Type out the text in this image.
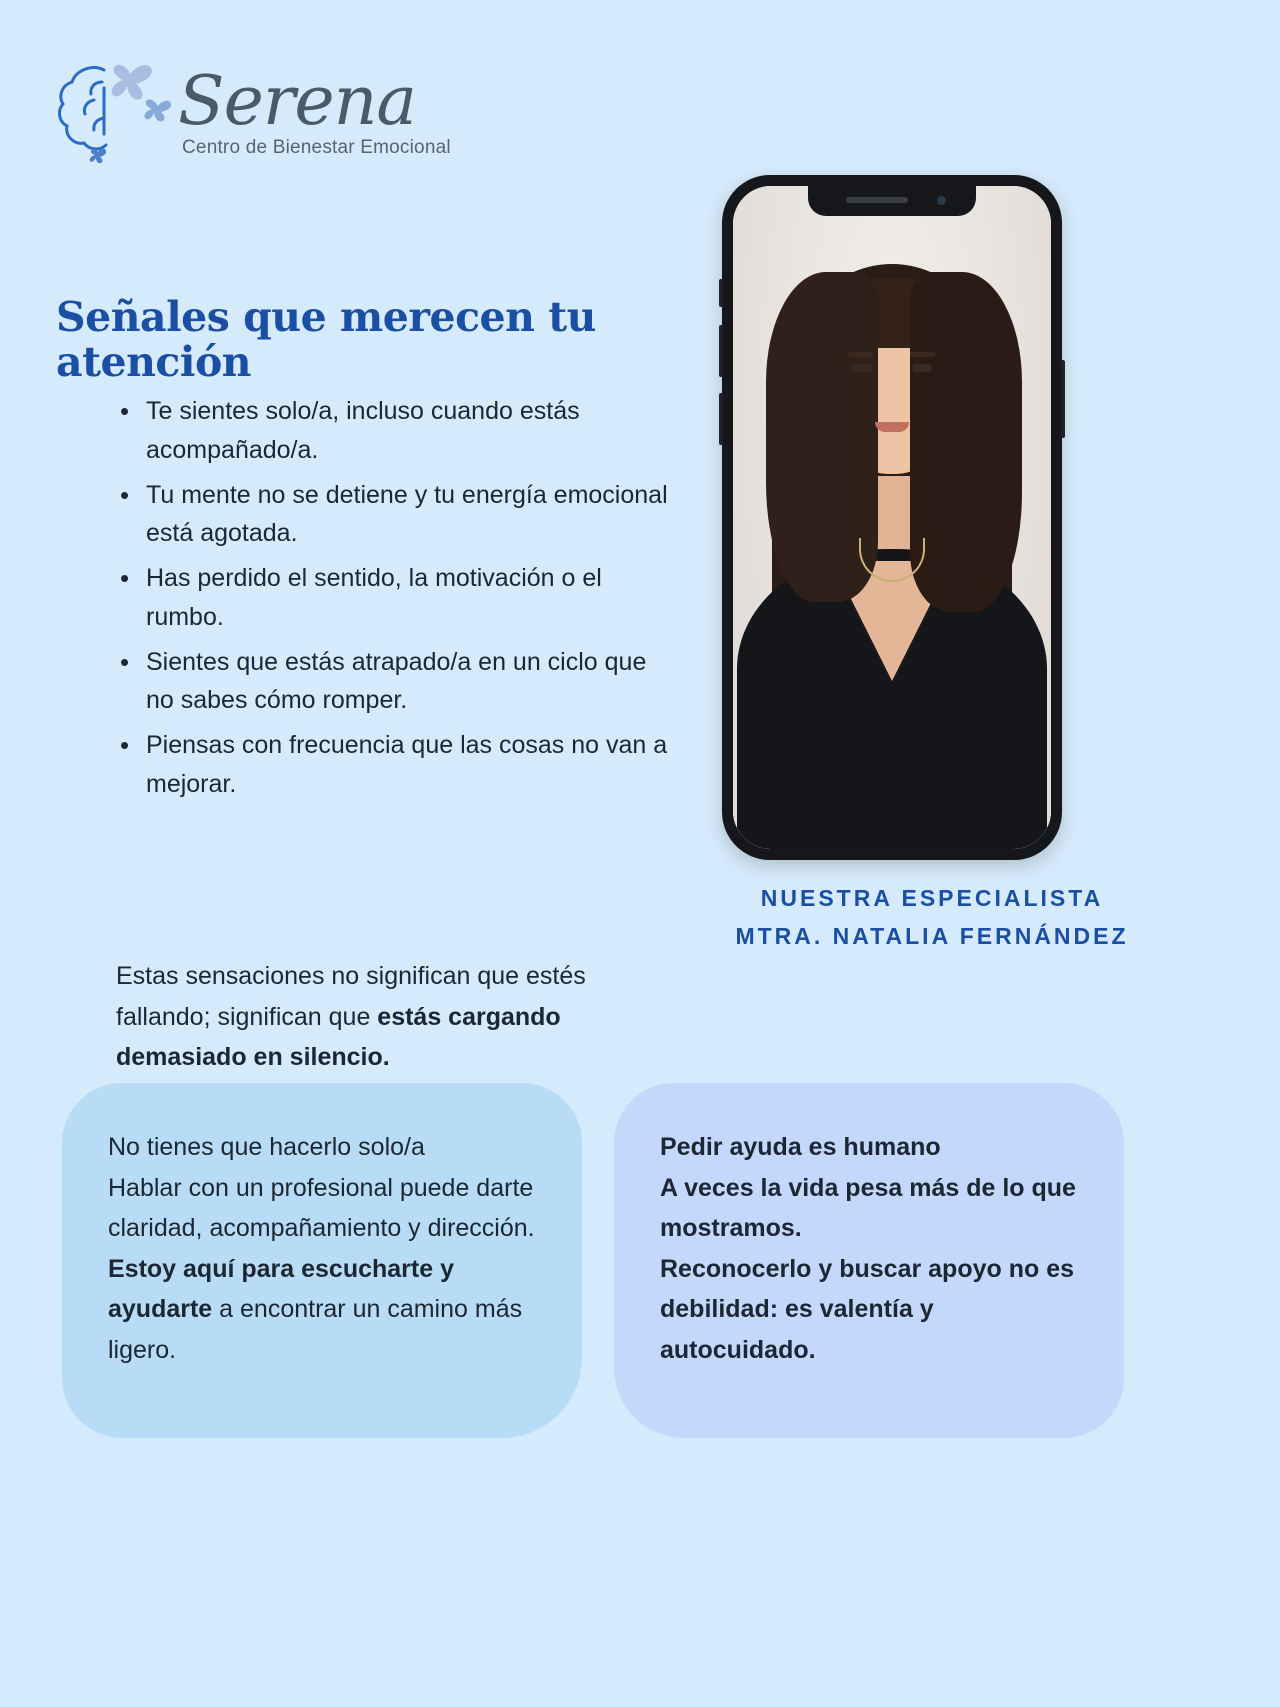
Serena
Centro de Bienestar Emocional
Señales que merecen tu atención
• Te sientes solo/a, incluso cuando estás acompañado/a.
• Tu mente no se detiene y tu energía emocional está agotada.
• Has perdido el sentido, la motivación o el rumbo.
• Sientes que estás atrapado/a en un ciclo que no sabes cómo romper.
• Piensas con frecuencia que las cosas no van a mejorar.

Estas sensaciones no significan que estés fallando; significan que estás cargando demasiado en silencio.

NUESTRA ESPECIALISTA
MTRA. NATALIA FERNÁNDEZ

No tienes que hacerlo solo/a
Hablar con un profesional puede darte claridad, acompañamiento y dirección. Estoy aquí para escucharte y ayudarte a encontrar un camino más ligero.

Pedir ayuda es humano
A veces la vida pesa más de lo que mostramos.
Reconocerlo y buscar apoyo no es debilidad: es valentía y autocuidado.
